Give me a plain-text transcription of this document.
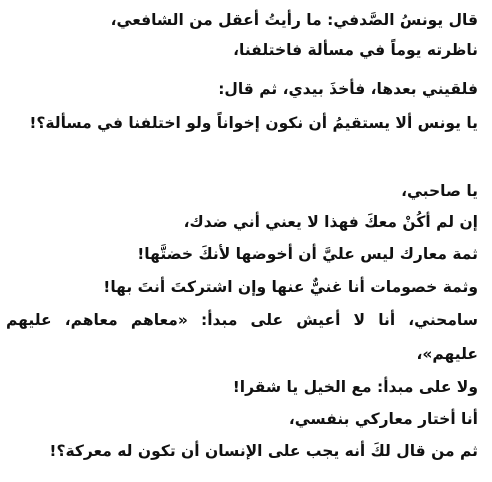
قال يونسُ الصَّدفي: ما رأيتُ أعقل من الشافعي،
ناظرته يوماً في مسألة فاختلفنا،
فلقيني بعدها، فأخذَ بيدي، ثم قال:
يا يونس ألا يستقيمُ أن نكون إخواناً ولو اختلفنا في مسألة؟!
يا صاحبي،
إن لم أكُنْ معكَ فهذا لا يعني أني ضدك،
ثمة معارك ليس عليَّ أن أخوضها لأنكَ خضتَّها!
وثمة خصومات أنا غنيٌّ عنها وإن اشتركتَ أنتَ بها!
سامحني، أنا لا أعيش على مبدأ: «معاهم معاهم، عليهم
عليهم»،
ولا على مبدأ: مع الخيل يا شقرا!
أنا أختار معاركي بنفسي،
ثم من قال لكَ أنه يجب على الإنسان أن تكون له معركة؟!
